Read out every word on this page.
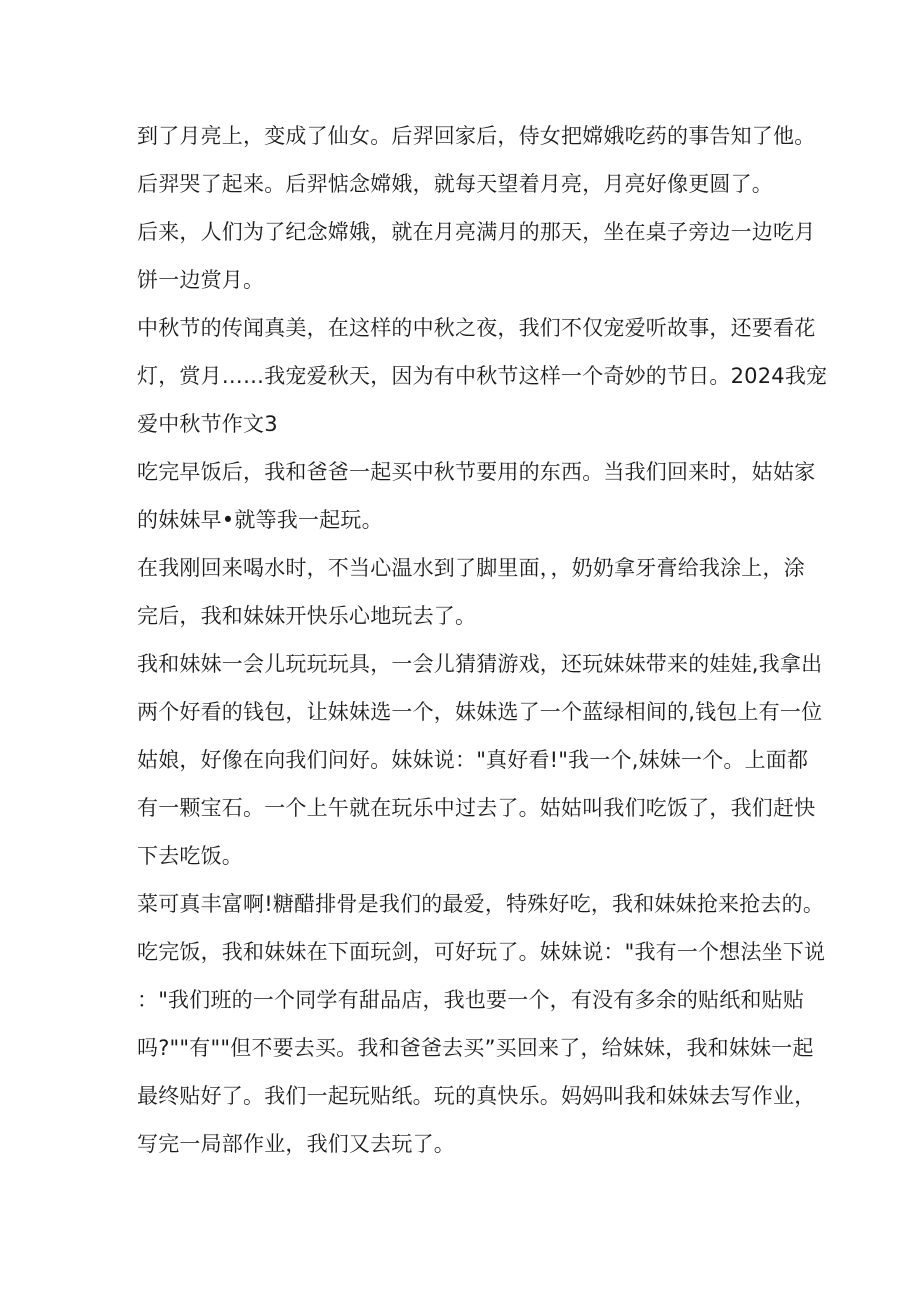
到了月亮上，变成了仙女。后羿回家后，侍女把嫦娥吃药的事告知了他。
后羿哭了起来。后羿惦念嫦娥，就每天望着月亮，月亮好像更圆了。
后来，人们为了纪念嫦娥，就在月亮满月的那天，坐在桌子旁边一边吃月
饼一边赏月。
中秋节的传闻真美，在这样的中秋之夜，我们不仅宠爱听故事，还要看花
灯，赏月……我宠爱秋天，因为有中秋节这样一个奇妙的节日。2024我宠
爱中秋节作文3
吃完早饭后，我和爸爸一起买中秋节要用的东西。当我们回来时，姑姑家
的妹妹早•就等我一起玩。
在我刚回来喝水时，不当心温水到了脚里面，，奶奶拿牙膏给我涂上，涂
完后，我和妹妹开快乐心地玩去了。
我和妹妹一会儿玩玩玩具，一会儿猜猜游戏，还玩妹妹带来的娃娃,我拿出
两个好看的钱包，让妹妹选一个，妹妹选了一个蓝绿相间的,钱包上有一位
姑娘，好像在向我们问好。妹妹说："真好看!"我一个,妹妹一个。上面都
有一颗宝石。一个上午就在玩乐中过去了。姑姑叫我们吃饭了，我们赶快
下去吃饭。
菜可真丰富啊!糖醋排骨是我们的最爱，特殊好吃，我和妹妹抢来抢去的。
吃完饭，我和妹妹在下面玩剑，可好玩了。妹妹说："我有一个想法坐下说
："我们班的一个同学有甜品店，我也要一个，有没有多余的贴纸和贴贴
吗?""有""但不要去买。我和爸爸去买”买回来了，给妹妹，我和妹妹一起
最终贴好了。我们一起玩贴纸。玩的真快乐。妈妈叫我和妹妹去写作业，
写完一局部作业，我们又去玩了。
